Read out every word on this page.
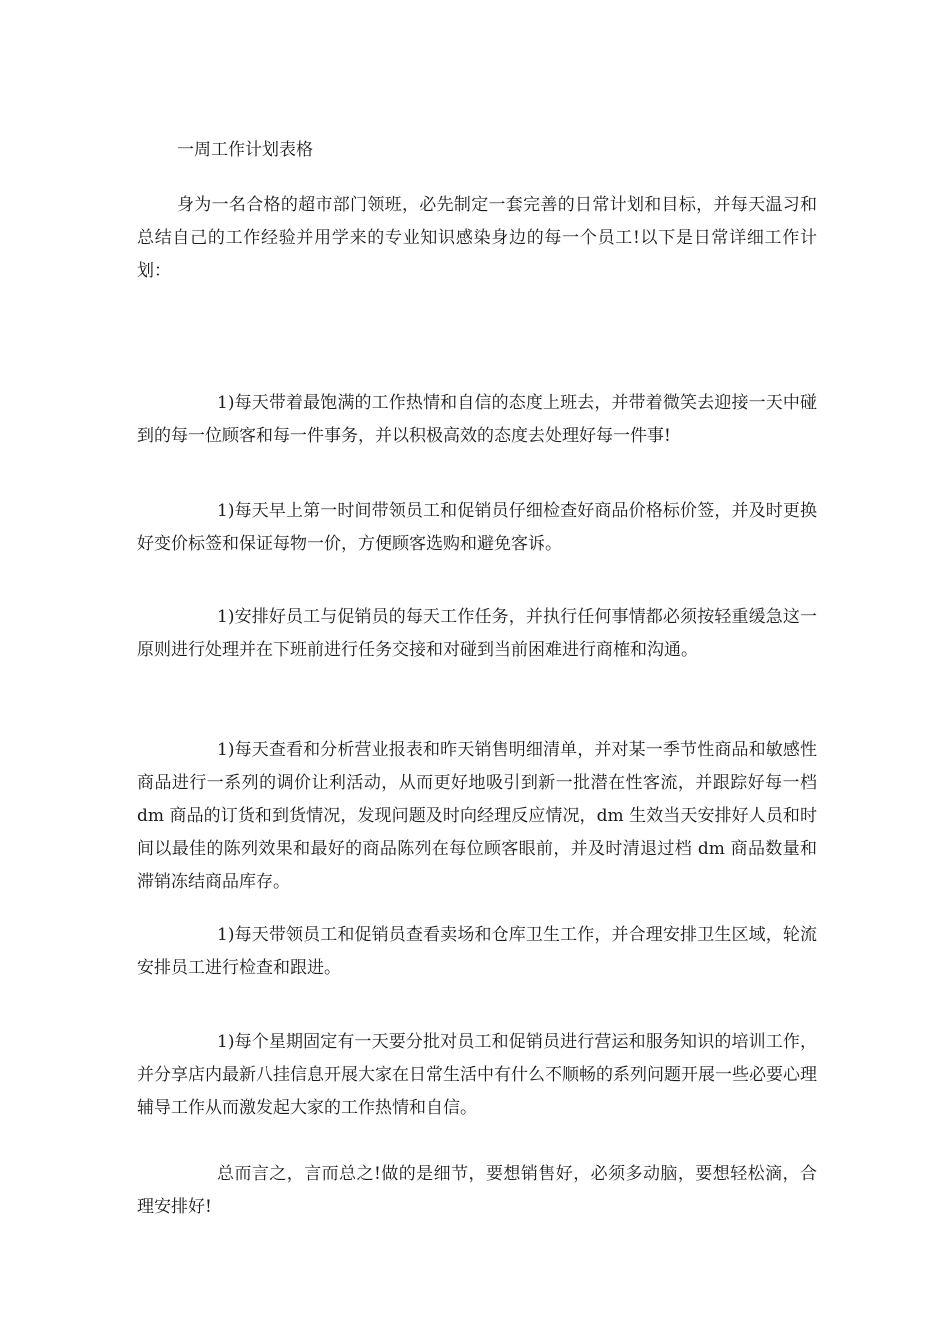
一周工作计划表格

身为一名合格的超市部门领班，必先制定一套完善的日常计划和目标，并每天温习和总结自己的工作经验并用学来的专业知识感染身边的每一个员工!以下是日常详细工作计划：

1)每天带着最饱满的工作热情和自信的态度上班去，并带着微笑去迎接一天中碰到的每一位顾客和每一件事务，并以积极高效的态度去处理好每一件事!

1)每天早上第一时间带领员工和促销员仔细检查好商品价格标价签，并及时更换好变价标签和保证每物一价，方便顾客选购和避免客诉。

1)安排好员工与促销员的每天工作任务，并执行任何事情都必须按轻重缓急这一原则进行处理并在下班前进行任务交接和对碰到当前困难进行商榷和沟通。

1)每天查看和分析营业报表和昨天销售明细清单，并对某一季节性商品和敏感性商品进行一系列的调价让利活动，从而更好地吸引到新一批潜在性客流，并跟踪好每一档 dm 商品的订货和到货情况，发现问题及时向经理反应情况，dm 生效当天安排好人员和时间以最佳的陈列效果和最好的商品陈列在每位顾客眼前，并及时清退过档 dm 商品数量和滞销冻结商品库存。

1)每天带领员工和促销员查看卖场和仓库卫生工作，并合理安排卫生区域，轮流安排员工进行检查和跟进。

1)每个星期固定有一天要分批对员工和促销员进行营运和服务知识的培训工作，并分享店内最新八挂信息开展大家在日常生活中有什么不顺畅的系列问题开展一些必要心理辅导工作从而激发起大家的工作热情和自信。

总而言之，言而总之!做的是细节，要想销售好，必须多动脑，要想轻松滴，合理安排好!
